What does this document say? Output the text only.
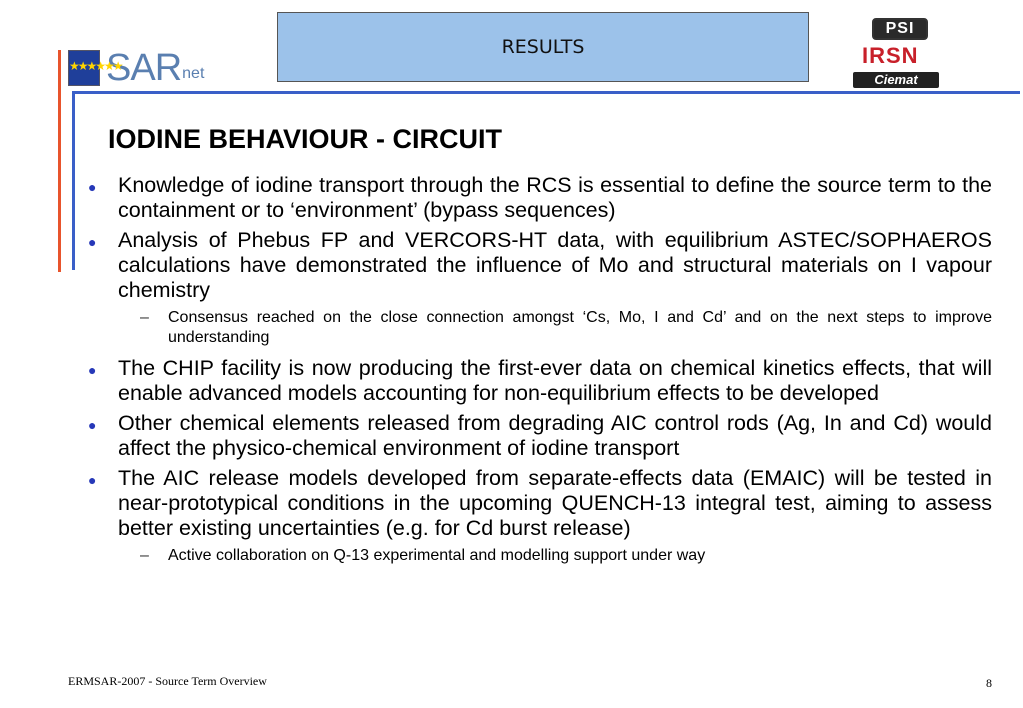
★★★★★★
SAR net
RESULTS
PSI
IRSN
Ciemat
IODINE BEHAVIOUR - CIRCUIT
●	Knowledge of iodine transport through the RCS is essential to define the source term to the containment or to ‘environment’ (bypass sequences)
●	Analysis of Phebus FP and VERCORS-HT data, with equilibrium ASTEC/SOPHAEROS calculations have demonstrated the influence of Mo and structural materials on I vapour chemistry
–	Consensus reached on the close connection amongst ‘Cs, Mo, I and Cd’ and on the next steps to improve understanding
●	The CHIP facility is now producing the first-ever data on chemical kinetics effects, that will enable advanced models accounting for non-equilibrium effects to be developed
●	Other chemical elements released from degrading AIC control rods (Ag, In and Cd) would affect the physico-chemical environment of iodine transport
●	The AIC release models developed from separate-effects data (EMAIC) will be tested in near-prototypical conditions in the upcoming QUENCH-13 integral test, aiming to assess better existing uncertainties (e.g. for Cd burst release)
–	Active collaboration on Q-13 experimental and modelling support under way
ERMSAR-2007 - Source Term Overview	8
